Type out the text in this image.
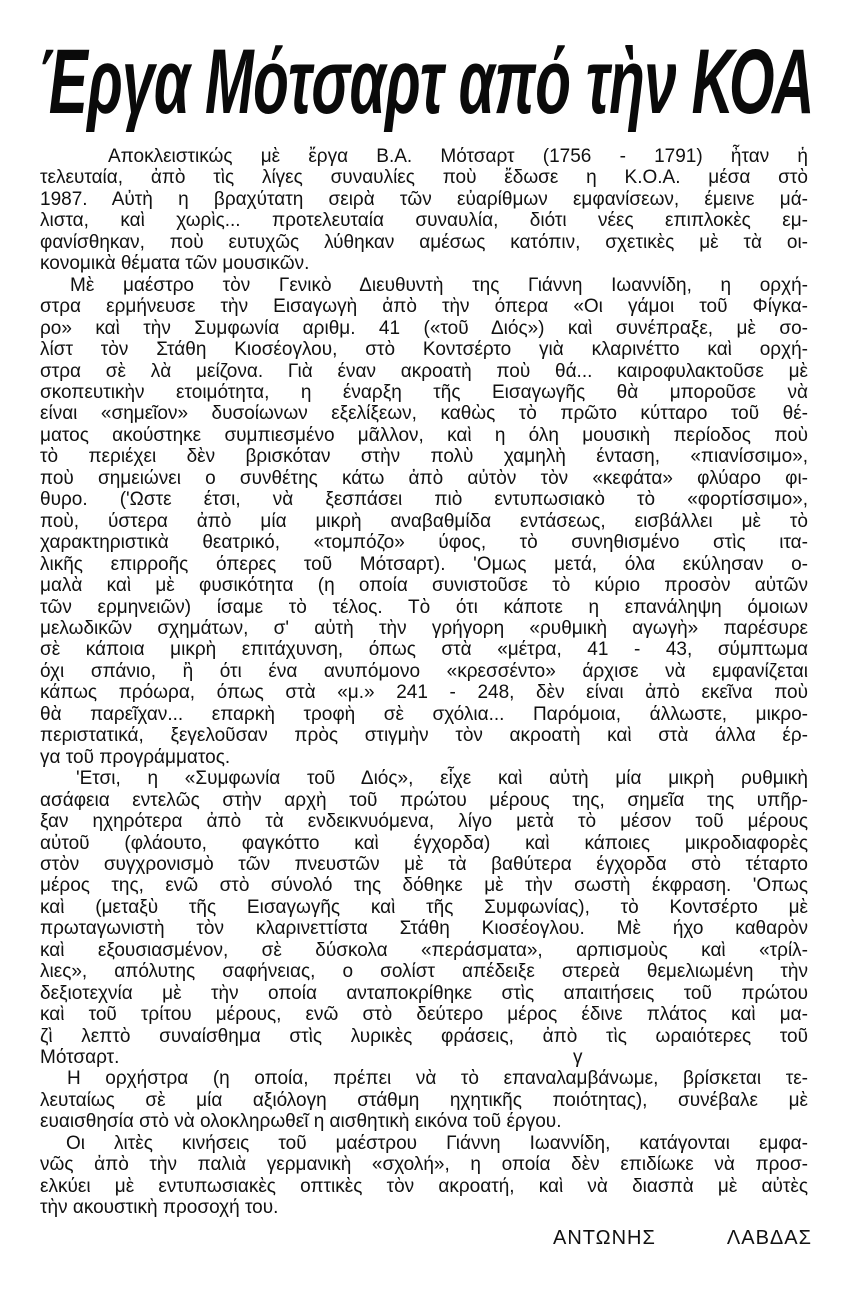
Έργα Μότσαρτ από τὴν ΚΟΑ
Αποκλειστικώς μὲ ἔργα Β.Α. Μότσαρτ (1756 - 1791) ἦταν ἡ
τελευταία, ἀπὸ τὶς λίγες συναυλίες ποὺ ἔδωσε η Κ.Ο.Α. μέσα στὸ
1987. Αὐτὴ η βραχύτατη σειρὰ τῶν εὐαρίθμων εμφανίσεων, έμεινε μά-
λιστα, καὶ χωρὶς... προτελευταία συναυλία, διότι νέες επιπλοκὲς εμ-
φανίσθηκαν, ποὺ ευτυχῶς λύθηκαν αμέσως κατόπιν, σχετικὲς μὲ τὰ οι-
κονομικὰ θέματα τῶν μουσικῶν.
Μὲ μαέστρο τὸν Γενικὸ Διευθυντὴ της Γιάννη Ιωαννίδη, η ορχή-
στρα ερμήνευσε τὴν Εισαγωγὴ ἀπὸ τὴν όπερα «Οι γάμοι τοῦ Φίγκα-
ρο» καὶ τὴν Συμφωνία αριθμ. 41 («τοῦ Διός») καὶ συνέπραξε, μὲ σο-
λίστ τὸν Στάθη Κιοσέογλου, στὸ Κοντσέρτο γιὰ κλαρινέττο καὶ ορχή-
στρα σὲ λὰ μείζονα. Γιὰ έναν ακροατὴ ποὺ θά... καιροφυλακτοῦσε μὲ
σκοπευτικὴν ετοιμότητα, η έναρξη τῆς Εισαγωγῆς θὰ μποροῦσε νὰ
είναι «σημεῖον» δυσοίωνων εξελίξεων, καθὼς τὸ πρῶτο κύτταρο τοῦ θέ-
ματος ακούστηκε συμπιεσμένο μᾶλλον, καὶ η όλη μουσικὴ περίοδος ποὺ
τὸ περιέχει δὲν βρισκόταν στὴν πολὺ χαμηλὴ ένταση, «πιανίσσιμο»,
ποὺ σημειώνει ο συνθέτης κάτω ἀπὸ αὐτὸν τὸν «κεφάτα» φλύαρο φι-
θυρο. ('Ωστε έτσι, νὰ ξεσπάσει πιὸ εντυπωσιακὸ τὸ «φορτίσσιμο»,
ποὺ, ύστερα ἀπὸ μία μικρὴ αναβαθμίδα εντάσεως, εισβάλλει μὲ τὸ
χαρακτηριστικὰ θεατρικό, «τομπόζο» ύφος, τὸ συνηθισμένο στὶς ιτα-
λικῆς επιρροῆς όπερες τοῦ Μότσαρτ). 'Ομως μετά, όλα εκύλησαν ο-
μαλὰ καὶ μὲ φυσικότητα (η οποία συνιστοῦσε τὸ κύριο προσὸν αὐτῶν
τῶν ερμηνειῶν) ίσαμε τὸ τέλος. Τὸ ότι κάποτε η επανάληψη όμοιων
μελωδικῶν σχημάτων, σ' αὐτὴ τὴν γρήγορη «ρυθμικὴ αγωγὴ» παρέσυρε
σὲ κάποια μικρὴ επιτάχυνση, όπως στὰ «μέτρα, 41 - 43, σύμπτωμα
όχι σπάνιο, ἢ ότι ένα ανυπόμονο «κρεσσέντο» άρχισε νὰ εμφανίζεται
κάπως πρόωρα, όπως στὰ «μ.» 241 - 248, δὲν είναι ἀπὸ εκεῖνα ποὺ
θὰ παρεῖχαν... επαρκὴ τροφὴ σὲ σχόλια... Παρόμοια, άλλωστε, μικρο-
περιστατικά, ξεγελοῦσαν πρὸς στιγμὴν τὸν ακροατὴ καὶ στὰ άλλα έρ-
γα τοῦ προγράμματος.
'Ετσι, η «Συμφωνία τοῦ Διός», εἶχε καὶ αὐτὴ μία μικρὴ ρυθμικὴ
ασάφεια εντελῶς στὴν αρχὴ τοῦ πρώτου μέρους της, σημεῖα της υπῆρ-
ξαν ηχηρότερα ἀπὸ τὰ ενδεικνυόμενα, λίγο μετὰ τὸ μέσον τοῦ μέρους
αὐτοῦ (φλάουτο, φαγκόττο καὶ έγχορδα) καὶ κάποιες μικροδιαφορὲς
στὸν συγχρονισμὸ τῶν πνευστῶν μὲ τὰ βαθύτερα έγχορδα στὸ τέταρτο
μέρος της, ενῶ στὸ σύνολό της δόθηκε μὲ τὴν σωστὴ έκφραση. 'Οπως
καὶ (μεταξὺ τῆς Εισαγωγῆς καὶ τῆς Συμφωνίας), τὸ Κοντσέρτο μὲ
πρωταγωνιστὴ τὸν κλαρινεττίστα Στάθη Κιοσέογλου. Μὲ ήχο καθαρὸν
καὶ εξουσιασμένον, σὲ δύσκολα «περάσματα», αρπισμοὺς καὶ «τρίλ-
λιες», απόλυτης σαφήνειας, ο σολίστ απέδειξε στερεὰ θεμελιωμένη τὴν
δεξιοτεχνία μὲ τὴν οποία ανταποκρίθηκε στὶς απαιτήσεις τοῦ πρώτου
καὶ τοῦ τρίτου μέρους, ενῶ στὸ δεύτερο μέρος έδινε πλάτος καὶ μα-
ζὶ λεπτὸ συναίσθημα στὶς λυρικὲς φράσεις, ἀπὸ τὶς ωραιότερες τοῦ
Μότσαρτ.	γ
Η ορχήστρα (η οποία, πρέπει νὰ τὸ επαναλαμβάνωμε, βρίσκεται τε-
λευταίως σὲ μία αξιόλογη στάθμη ηχητικῆς ποιότητας), συνέβαλε μὲ
ευαισθησία στὸ νὰ ολοκληρωθεῖ η αισθητικὴ εικόνα τοῦ έργου.
Οι λιτὲς κινήσεις τοῦ μαέστρου Γιάννη Ιωαννίδη, κατάγονται εμφα-
νῶς ἀπὸ τὴν παλιὰ γερμανικὴ «σχολή», η οποία δὲν επιδίωκε νὰ προσ-
ελκύει μὲ εντυπωσιακὲς οπτικὲς τὸν ακροατή, καὶ νὰ διασπὰ μὲ αὐτὲς
τὴν ακουστικὴ προσοχή του.
ΑΝΤΩΝΗΣ ΛΑΒΔΑΣ
